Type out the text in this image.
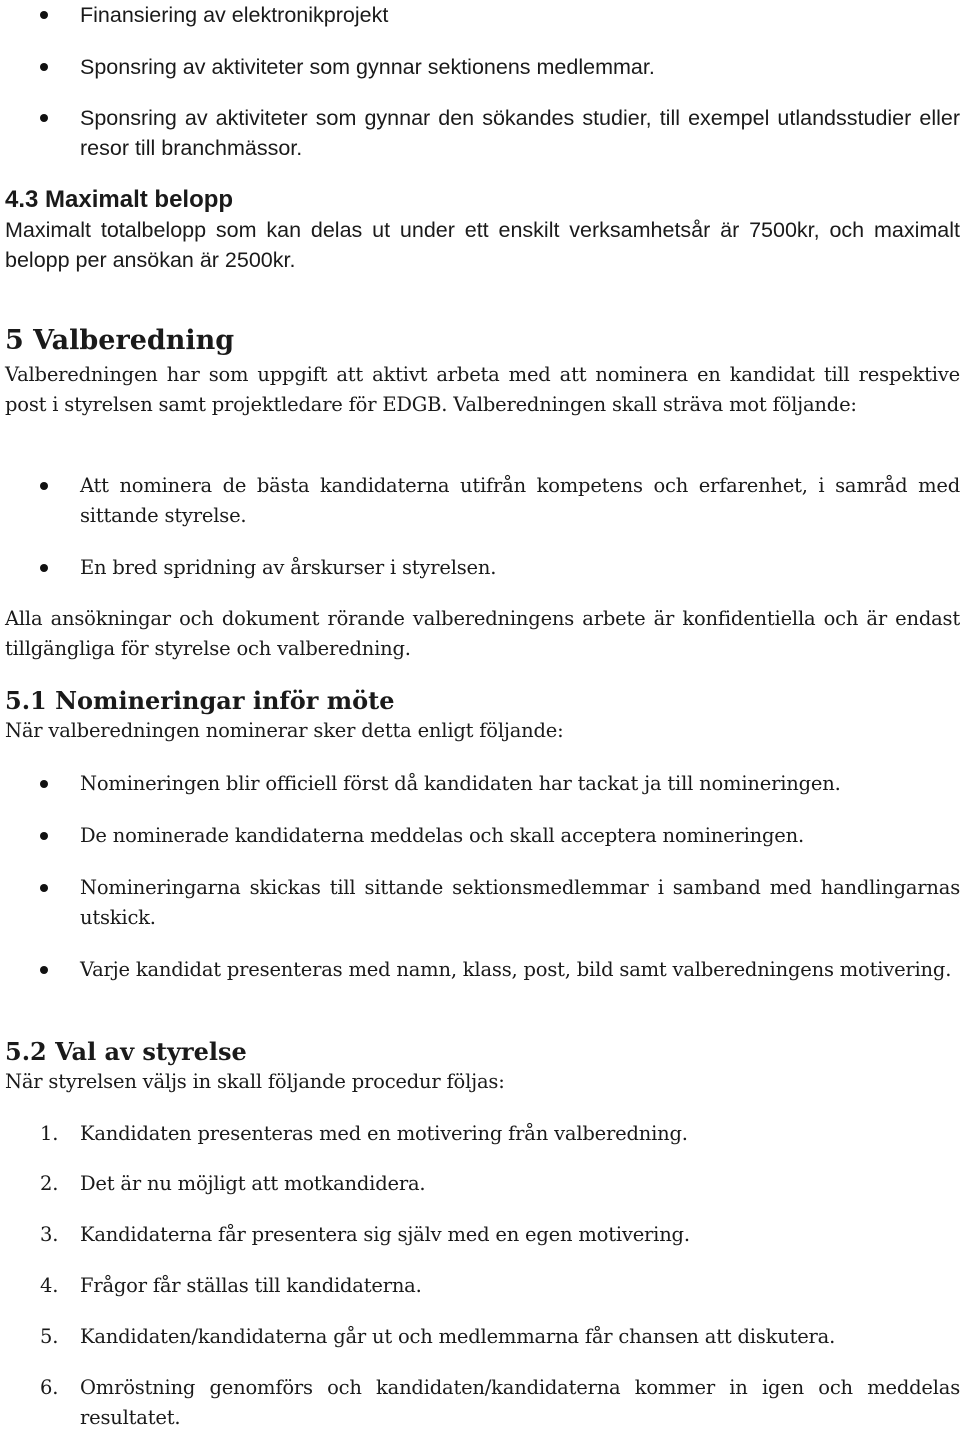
Finansiering av elektronikprojekt
Sponsring av aktiviteter som gynnar sektionens medlemmar.
Sponsring av aktiviteter som gynnar den sökandes studier, till exempel utlandsstudier eller resor till branchmässor.
4.3 Maximalt belopp
Maximalt totalbelopp som kan delas ut under ett enskilt verksamhetsår är 7500kr, och maximalt belopp per ansökan är 2500kr.
5 Valberedning
Valberedningen har som uppgift att aktivt arbeta med att nominera en kandidat till respektive post i styrelsen samt projektledare för EDGB. Valberedningen skall sträva mot följande:
Att nominera de bästa kandidaterna utifrån kompetens och erfarenhet, i samråd med sittande styrelse.
En bred spridning av årskurser i styrelsen.
Alla ansökningar och dokument rörande valberedningens arbete är konfidentiella och är endast tillgängliga för styrelse och valberedning.
5.1 Nomineringar inför möte
När valberedningen nominerar sker detta enligt följande:
Nomineringen blir officiell först då kandidaten har tackat ja till nomineringen.
De nominerade kandidaterna meddelas och skall acceptera nomineringen.
Nomineringarna skickas till sittande sektionsmedlemmar i samband med handlingarnas utskick.
Varje kandidat presenteras med namn, klass, post, bild samt valberedningens motivering.
5.2 Val av styrelse
När styrelsen väljs in skall följande procedur följas:
1. Kandidaten presenteras med en motivering från valberedning.
2. Det är nu möjligt att motkandidera.
3. Kandidaterna får presentera sig själv med en egen motivering.
4. Frågor får ställas till kandidaterna.
5. Kandidaten/kandidaterna går ut och medlemmarna får chansen att diskutera.
6. Omröstning genomförs och kandidaten/kandidaterna kommer in igen och meddelas resultatet.
